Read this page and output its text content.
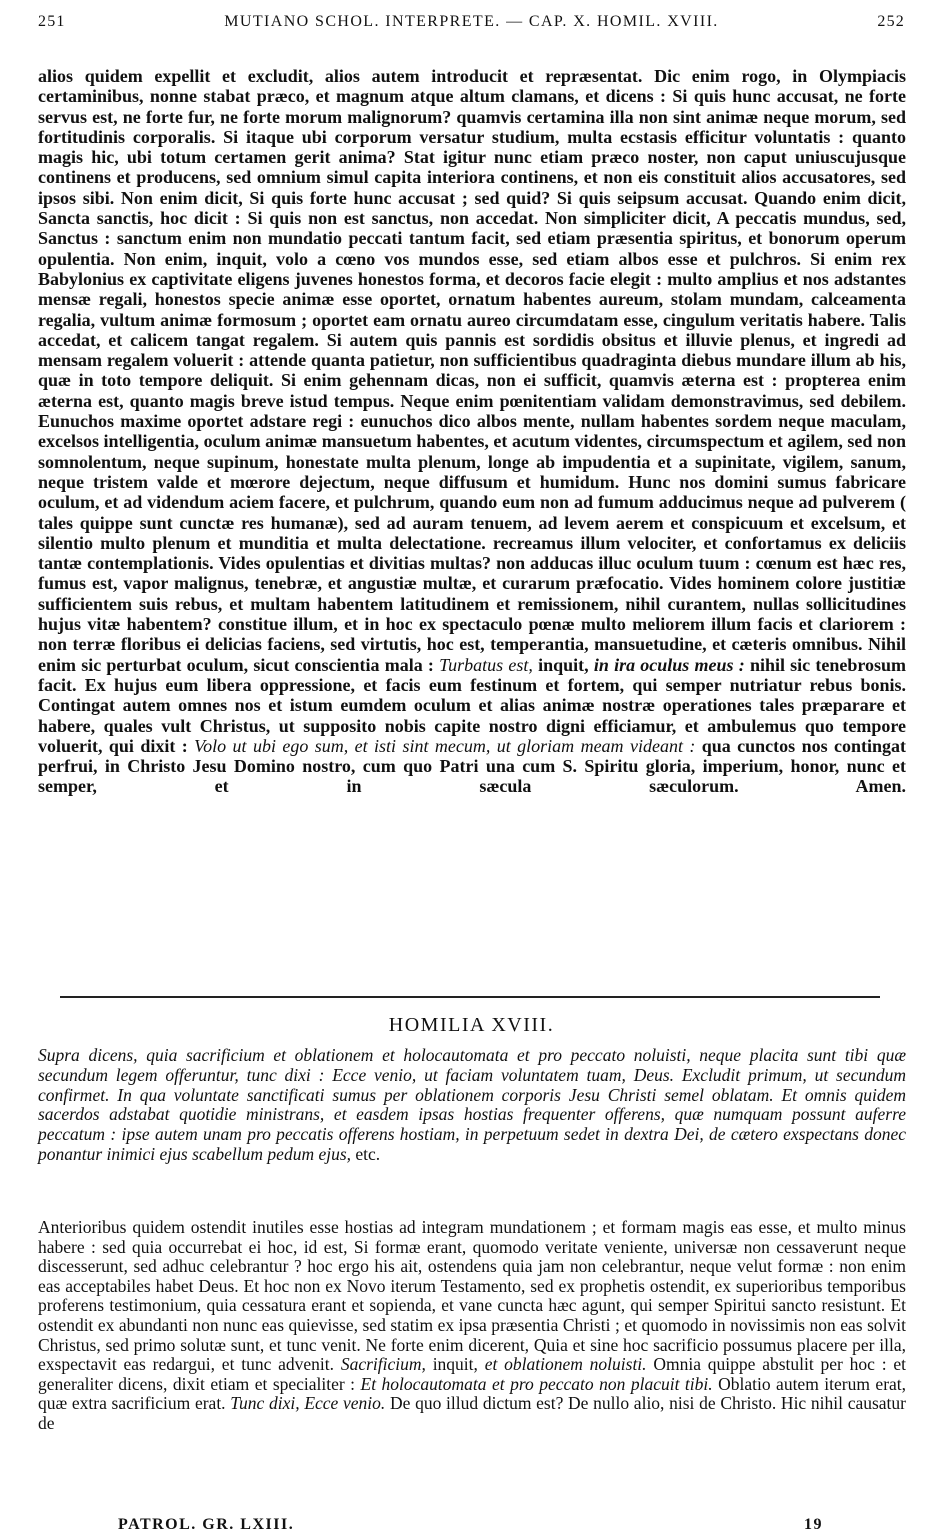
251	MUTIANO SCHOL. INTERPRETE. — CAP. X. HOMIL. XVIII.	252

alios quidem expellit et excludit, alios autem introducit et repræsentat. Dic enim rogo, in Olympiacis certaminibus, nonne stabat præco, et magnum atque altum clamans, et dicens : Si quis hunc accusat, ne forte servus est, ne forte fur, ne forte morum malignorum? quamvis certamina illa non sint animæ neque morum, sed fortitudinis corporalis. Si itaque ubi corporum versatur studium, multa ecstasis efficitur voluntatis : quanto magis hic, ubi totum certamen gerit anima? Stat igitur nunc etiam præco noster, non caput uniuscujusque continens et producens, sed omnium simul capita interiora continens, et non eis constituit alios accusatores, sed ipsos sibi. Non enim dicit, Si quis forte hunc accusat ; sed quid? Si quis seipsum accusat. Quando enim dicit, Sancta sanctis, hoc dicit : Si quis non est sanctus, non accedat. Non simpliciter dicit, A peccatis mundus, sed, Sanctus : sanctum enim non mundatio peccati tantum facit, sed etiam præsentia spiritus, et bonorum operum opulentia. Non enim, inquit, volo a cœno vos mundos esse, sed etiam albos esse et pulchros. Si enim rex Babylonius ex captivitate eligens juvenes honestos forma, et decoros facie elegit : multo amplius et nos adstantes mensæ regali, honestos specie animæ esse oportet, ornatum habentes aureum, stolam mundam, calceamenta regalia, vultum animæ formosum ; oportet eam ornatu aureo circumdatam esse, cingulum veritatis habere. Talis accedat, et calicem tangat regalem. Si autem quis pannis est sordidis obsitus et illuvie plenus, et ingredi ad mensam regalem voluerit : attende quanta patietur, non sufficientibus quadraginta diebus mundare illum ab his, quæ in toto tempore deliquit. Si enim gehennam dicas, non ei sufficit, quamvis æterna est : propterea enim æterna est, quanto magis breve istud tempus. Neque enim pœnitentiam validam demonstravimus, sed debilem. Eunuchos maxime oportet adstare regi : eunuchos dico albos mente, nullam habentes sordem neque maculam, excelsos intelligentia, oculum animæ mansuetum habentes, et acutum videntes, circumspectum et agilem, sed non somnolentum, neque supinum, honestate multa plenum, longe ab impudentia et a supinitate, vigilem, sanum, neque tristem valde et mœrore dejectum, neque diffusum et humidum. Hunc nos domini sumus fabricare oculum, et ad videndum aciem facere, et pulchrum, quando eum non ad fumum adducimus neque ad pulverem ( tales quippe sunt cunctæ res humanæ), sed ad auram tenuem, ad levem aerem et conspicuum et excelsum, et silentio multo plenum et munditia et multa delectatione. recreamus illum velociter, et confortamus ex deliciis tantæ contemplationis. Vides opulentias et divitias multas? non adducas illuc oculum tuum : cœnum est hæc res, fumus est, vapor malignus, tenebræ, et angustiæ multæ, et curarum præfocatio. Vides hominem colore justitiæ sufficientem suis rebus, et multam habentem latitudinem et remissionem, nihil curantem, nullas sollicitudines hujus vitæ habentem? constitue illum, et in hoc ex spectaculo pœnæ multo meliorem illum facis et clariorem : non terræ floribus ei delicias faciens, sed virtutis, hoc est, temperantia, mansuetudine, et cæteris omnibus. Nihil enim sic perturbat oculum, sicut conscientia mala : Turbatus est, inquit, in ira oculus meus : nihil sic tenebrosum facit. Ex hujus eum libera oppressione, et facis eum festinum et fortem, qui semper nutriatur rebus bonis. Contingat autem omnes nos et istum eumdem oculum et alias animæ nostræ operationes tales præparare et habere, quales vult Christus, ut supposito nobis capite nostro digni efficiamur, et ambulemus quo tempore voluerit, qui dixit : Volo ut ubi ego sum, et isti sint mecum, ut gloriam meam videant : qua cunctos nos contingat perfrui, in Christo Jesu Domino nostro, cum quo Patri una cum S. Spiritu gloria, imperium, honor, nunc et semper, et in sæcula sæculorum. Amen.

HOMILIA XVIII.
Supra dicens, quia sacrificium et oblationem et holocautomata et pro peccato noluisti, neque placita sunt tibi quæ secundum legem offeruntur, tunc dixi : Ecce venio, ut faciam voluntatem tuam, Deus. Excludit primum, ut secundum confirmet. In qua voluntate sanctificati sumus per oblationem corporis Jesu Christi semel oblatam. Et omnis quidem sacerdos adstabat quotidie ministrans, et easdem ipsas hostias frequenter offerens, quæ numquam possunt auferre peccatum : ipse autem unam pro peccatis offerens hostiam, in perpetuum sedet in dextra Dei, de cætero exspectans donec ponantur inimici ejus scabellum pedum ejus, etc.

Anterioribus quidem ostendit inutiles esse hostias ad integram mundationem ; et formam magis eas esse, et multo minus habere : sed quia occurrebat ei hoc, id est, Si formæ erant, quomodo veritate veniente, universæ non cessaverunt neque discesserunt, sed adhuc celebrantur ? hoc ergo his ait, ostendens quia jam non celebrantur, neque velut formæ : non enim eas acceptabiles habet Deus. Et hoc non ex Novo iterum Testamento, sed ex prophetis ostendit, ex superioribus temporibus proferens testimonium, quia cessatura erant et sopienda, et vane cuncta hæc agunt, qui semper Spiritui sancto resistunt. Et ostendit ex abundanti non nunc eas quievisse, sed statim ex ipsa præsentia Christi ; et quomodo in novissimis non eas solvit Christus, sed primo solutæ sunt, et tunc venit. Ne forte enim dicerent, Quia et sine hoc sacrificio possumus placere per illa, exspectavit eas redargui, et tunc advenit. Sacrificium, inquit, et oblationem noluisti. Omnia quippe abstulit per hoc : et generaliter dicens, dixit etiam et specialiter : Et holocautomata et pro peccato non placuit tibi. Oblatio autem iterum erat, quæ extra sacrificium erat. Tunc dixi, Ecce venio. De quo illud dictum est? De nullo alio, nisi de Christo. Hic nihil causatur de

PATROL. GR. LXIII.	19
